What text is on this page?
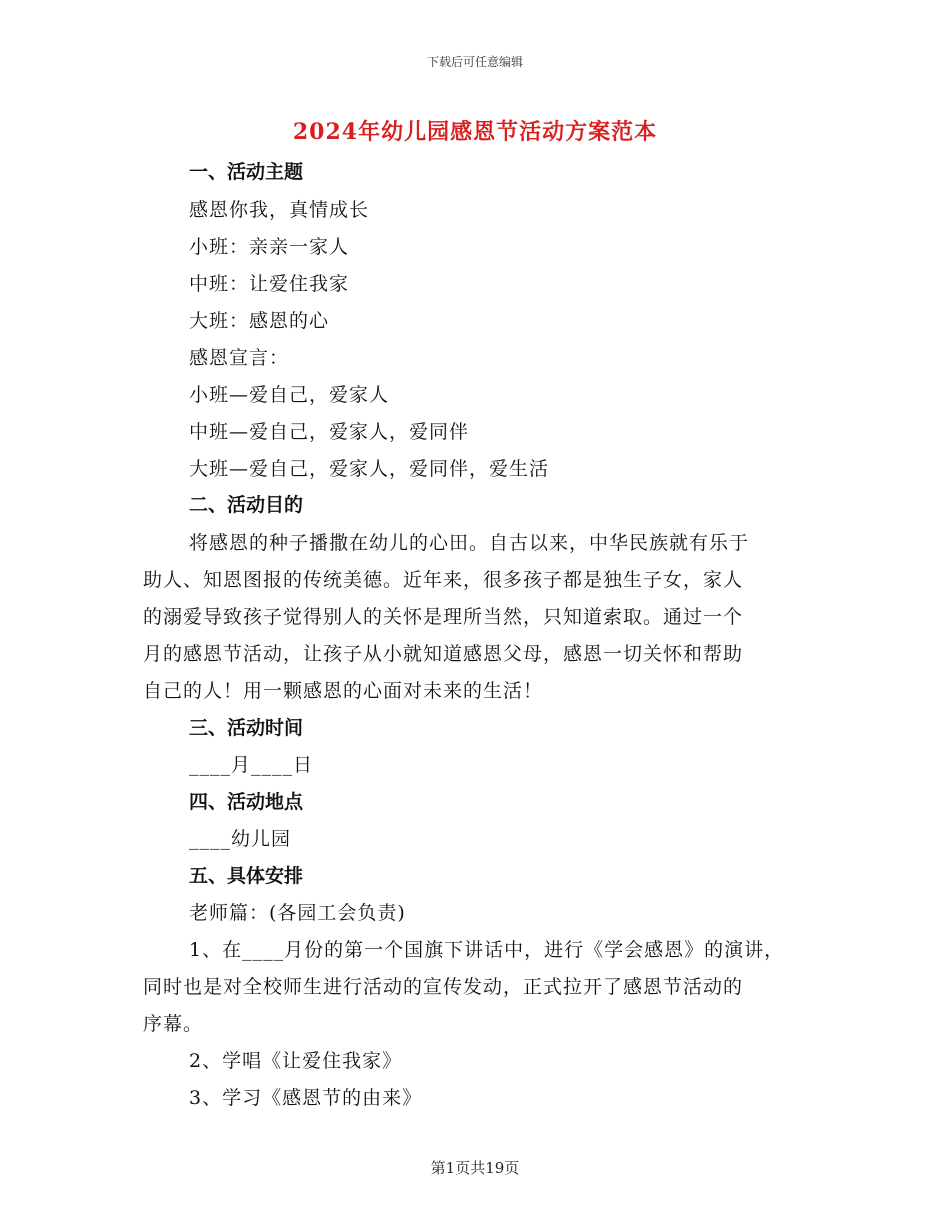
下载后可任意编辑
2024年幼儿园感恩节活动方案范本
一、活动主题
感恩你我，真情成长
小班：亲亲一家人
中班：让爱住我家
大班：感恩的心
感恩宣言：
小班—爱自己，爱家人
中班—爱自己，爱家人，爱同伴
大班—爱自己，爱家人，爱同伴，爱生活
二、活动目的
将感恩的种子播撒在幼儿的心田。自古以来，中华民族就有乐于
助人、知恩图报的传统美德。近年来，很多孩子都是独生子女，家人
的溺爱导致孩子觉得别人的关怀是理所当然，只知道索取。通过一个
月的感恩节活动，让孩子从小就知道感恩父母，感恩一切关怀和帮助
自己的人！用一颗感恩的心面对未来的生活！
三、活动时间
____月____日
四、活动地点
____幼儿园
五、具体安排
老师篇：(各园工会负责)
1、在____月份的第一个国旗下讲话中，进行《学会感恩》的演讲，
同时也是对全校师生进行活动的宣传发动，正式拉开了感恩节活动的
序幕。
2、学唱《让爱住我家》
3、学习《感恩节的由来》
第1页共19页
